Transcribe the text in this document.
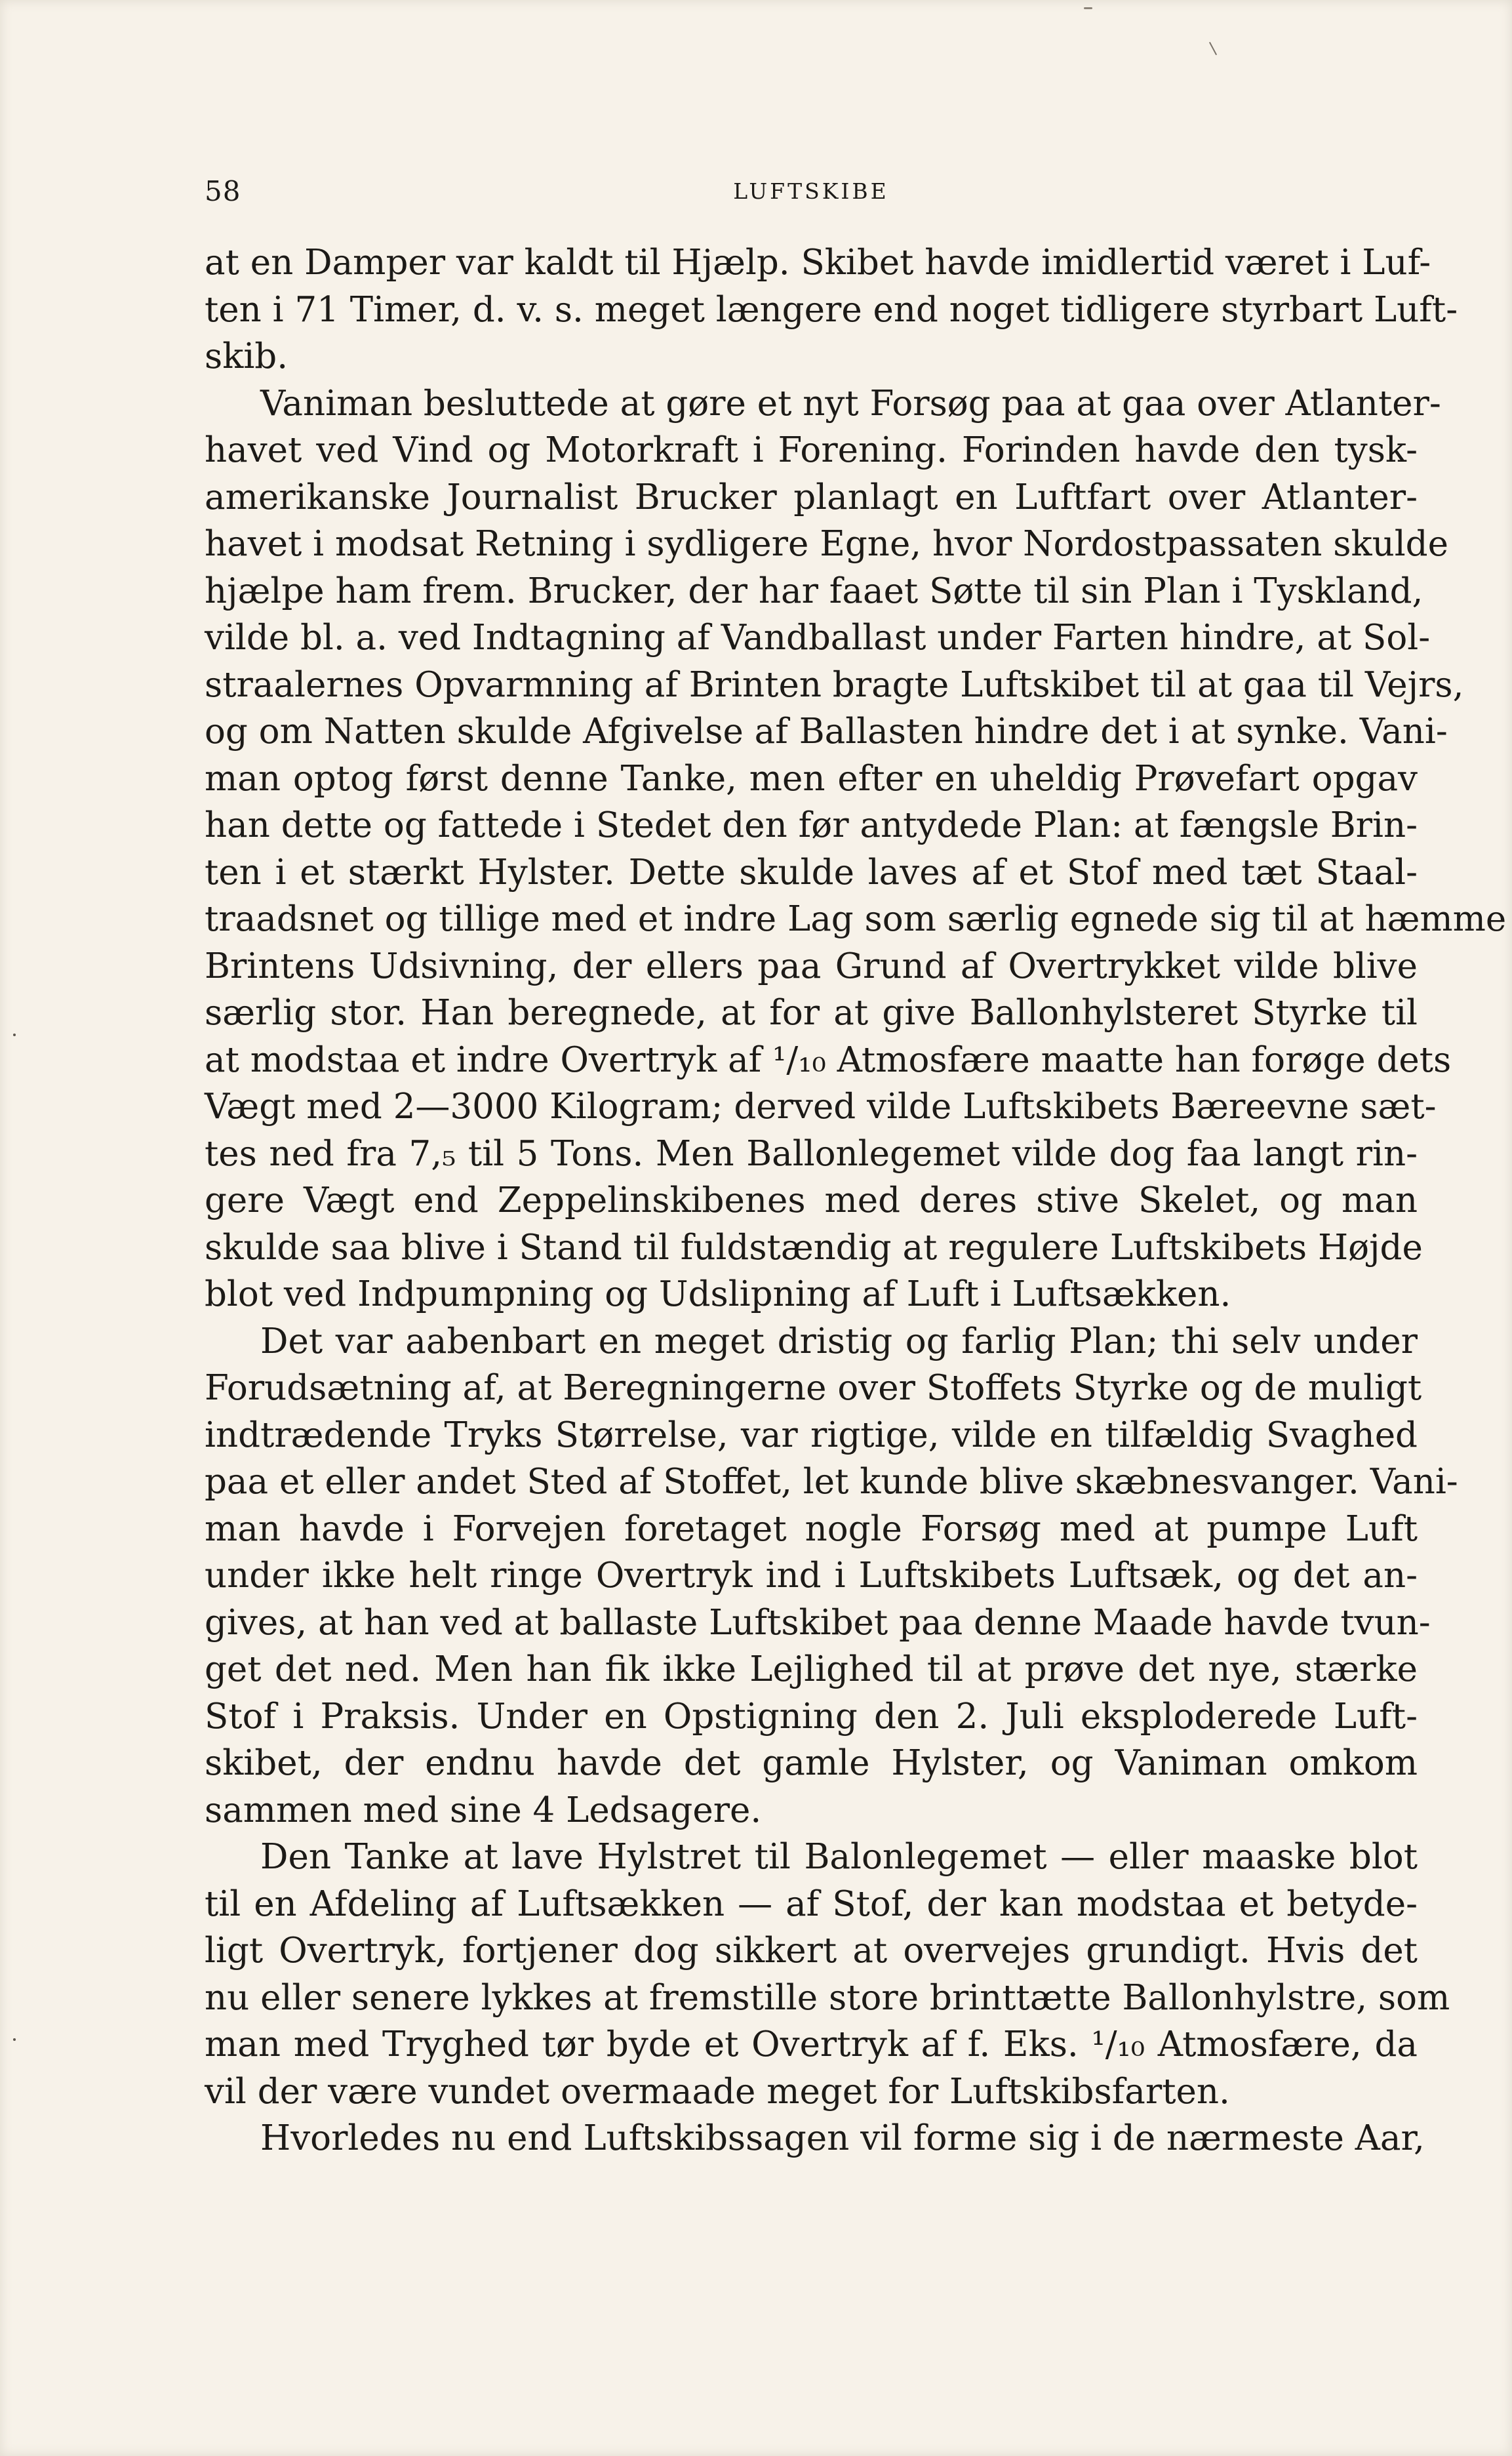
58	LUFTSKIBE
at en Damper var kaldt til Hjælp. Skibet havde imidlertid været i Luf-
ten i 71 Timer, d. v. s. meget længere end noget tidligere styrbart Luft-
skib.
Vaniman besluttede at gøre et nyt Forsøg paa at gaa over Atlanter-
havet ved Vind og Motorkraft i Forening. Forinden havde den tysk-
amerikanske Journalist Brucker planlagt en Luftfart over Atlanter-
havet i modsat Retning i sydligere Egne, hvor Nordostpassaten skulde
hjælpe ham frem. Brucker, der har faaet Søtte til sin Plan i Tyskland,
vilde bl. a. ved Indtagning af Vandballast under Farten hindre, at Sol-
straalernes Opvarmning af Brinten bragte Luftskibet til at gaa til Vejrs,
og om Natten skulde Afgivelse af Ballasten hindre det i at synke. Vani-
man optog først denne Tanke, men efter en uheldig Prøvefart opgav
han dette og fattede i Stedet den før antydede Plan: at fængsle Brin-
ten i et stærkt Hylster. Dette skulde laves af et Stof med tæt Staal-
traadsnet og tillige med et indre Lag som særlig egnede sig til at hæmme
Brintens Udsivning, der ellers paa Grund af Overtrykket vilde blive
særlig stor. Han beregnede, at for at give Ballonhylsteret Styrke til
at modstaa et indre Overtryk af ¹/₁₀ Atmosfære maatte han forøge dets
Vægt med 2—3000 Kilogram; derved vilde Luftskibets Bæreevne sæt-
tes ned fra 7,₅ til 5 Tons. Men Ballonlegemet vilde dog faa langt rin-
gere Vægt end Zeppelinskibenes med deres stive Skelet, og man
skulde saa blive i Stand til fuldstændig at regulere Luftskibets Højde
blot ved Indpumpning og Udslipning af Luft i Luftsækken.
Det var aabenbart en meget dristig og farlig Plan; thi selv under
Forudsætning af, at Beregningerne over Stoffets Styrke og de muligt
indtrædende Tryks Størrelse, var rigtige, vilde en tilfældig Svaghed
paa et eller andet Sted af Stoffet, let kunde blive skæbnesvanger. Vani-
man havde i Forvejen foretaget nogle Forsøg med at pumpe Luft
under ikke helt ringe Overtryk ind i Luftskibets Luftsæk, og det an-
gives, at han ved at ballaste Luftskibet paa denne Maade havde tvun-
get det ned. Men han fik ikke Lejlighed til at prøve det nye, stærke
Stof i Praksis. Under en Opstigning den 2. Juli eksploderede Luft-
skibet, der endnu havde det gamle Hylster, og Vaniman omkom
sammen med sine 4 Ledsagere.
Den Tanke at lave Hylstret til Balonlegemet — eller maaske blot
til en Afdeling af Luftsækken — af Stof, der kan modstaa et betyde-
ligt Overtryk, fortjener dog sikkert at overvejes grundigt. Hvis det
nu eller senere lykkes at fremstille store brinttætte Ballonhylstre, som
man med Tryghed tør byde et Overtryk af f. Eks. ¹/₁₀ Atmosfære, da
vil der være vundet overmaade meget for Luftskibsfarten.
Hvorledes nu end Luftskibssagen vil forme sig i de nærmeste Aar,
